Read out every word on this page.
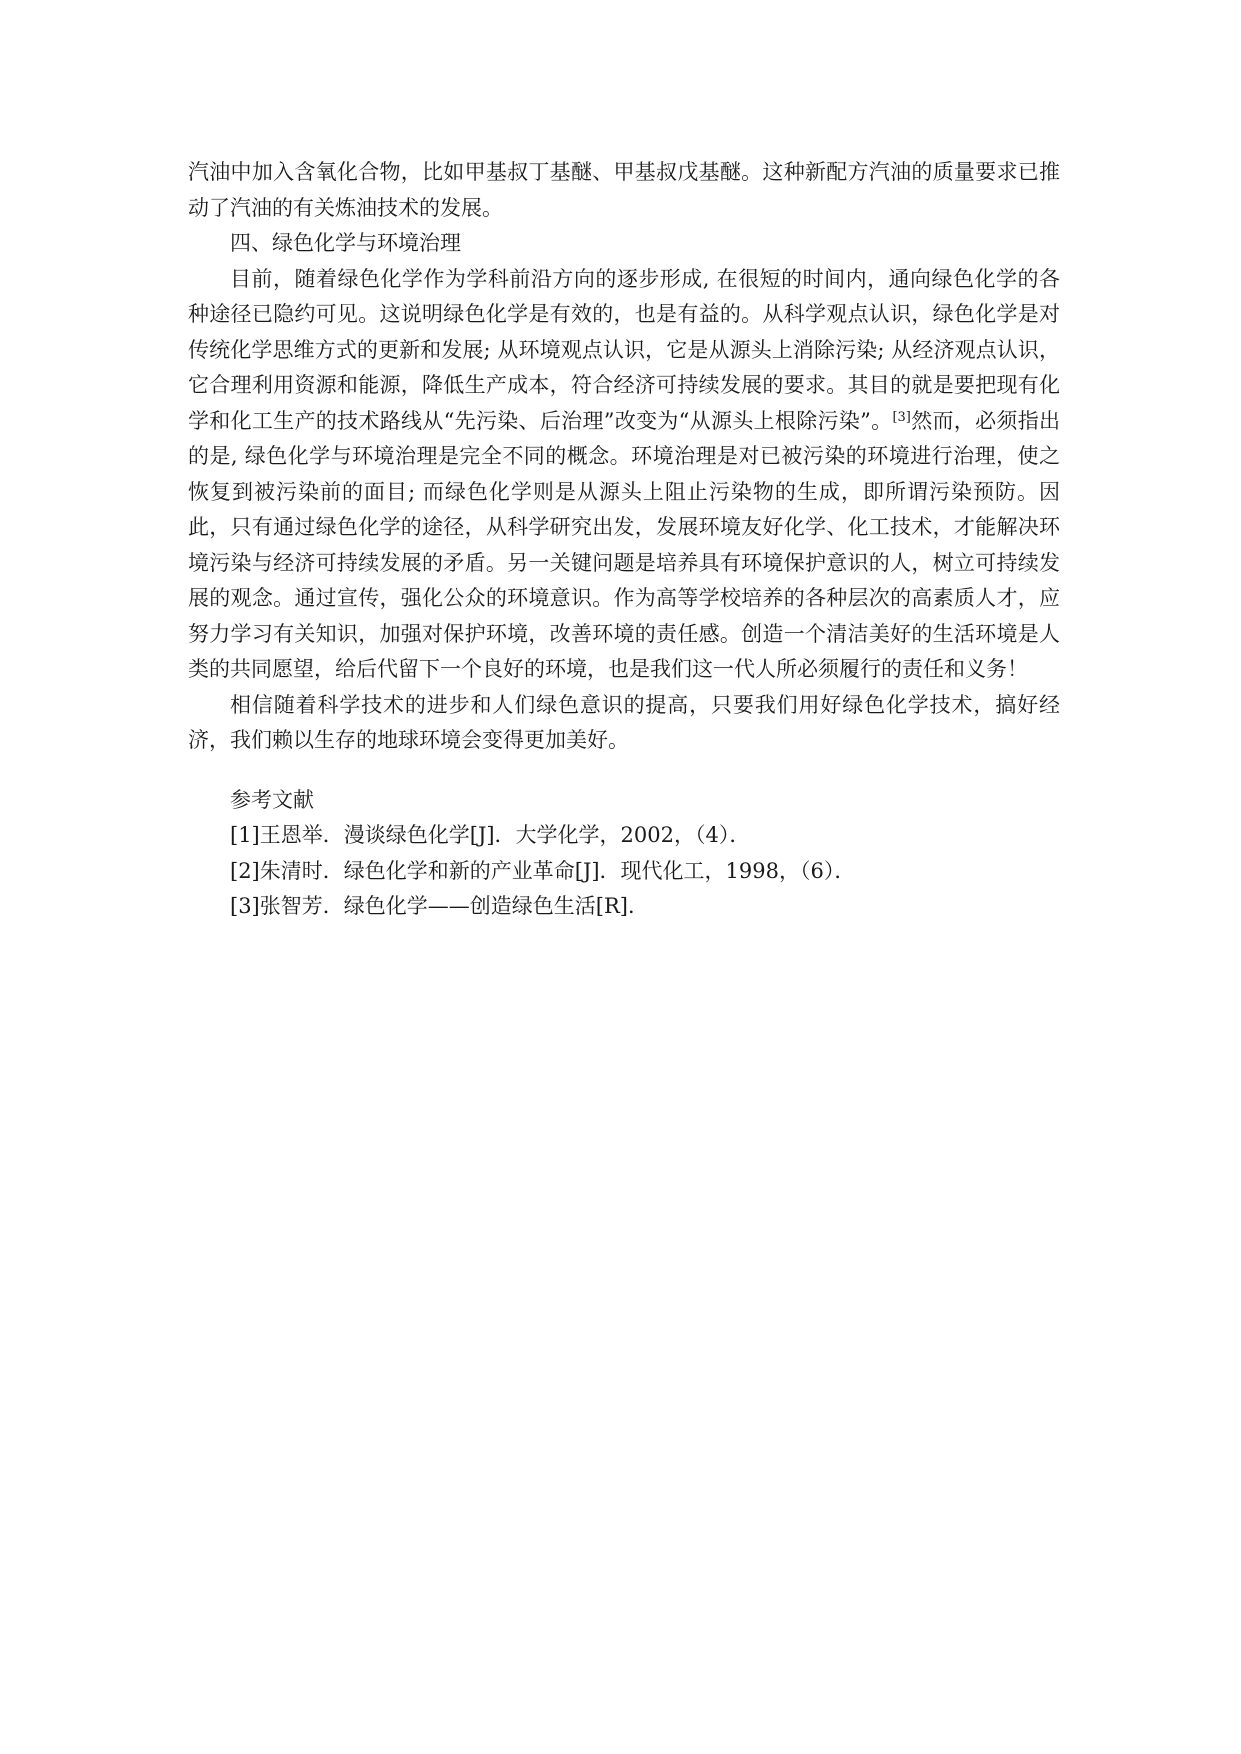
汽油中加入含氧化合物，比如甲基叔丁基醚、甲基叔戊基醚。这种新配方汽油的质量要求已推动了汽油的有关炼油技术的发展。

四、绿色化学与环境治理

目前，随着绿色化学作为学科前沿方向的逐步形成, 在很短的时间内，通向绿色化学的各种途径已隐约可见。这说明绿色化学是有效的，也是有益的。从科学观点认识，绿色化学是对传统化学思维方式的更新和发展; 从环境观点认识，它是从源头上消除污染; 从经济观点认识，它合理利用资源和能源，降低生产成本，符合经济可持续发展的要求。其目的就是要把现有化学和化工生产的技术路线从“先污染、后治理”改变为“从源头上根除污染”。[3]然而，必须指出的是, 绿色化学与环境治理是完全不同的概念。环境治理是对已被污染的环境进行治理，使之恢复到被污染前的面目; 而绿色化学则是从源头上阻止污染物的生成，即所谓污染预防。因此，只有通过绿色化学的途径，从科学研究出发，发展环境友好化学、化工技术，才能解决环境污染与经济可持续发展的矛盾。另一关键问题是培养具有环境保护意识的人，树立可持续发展的观念。通过宣传，强化公众的环境意识。作为高等学校培养的各种层次的高素质人才，应努力学习有关知识，加强对保护环境，改善环境的责任感。创造一个清洁美好的生活环境是人类的共同愿望，给后代留下一个良好的环境，也是我们这一代人所必须履行的责任和义务！

相信随着科学技术的进步和人们绿色意识的提高，只要我们用好绿色化学技术，搞好经济，我们赖以生存的地球环境会变得更加美好。

参考文献

[1]王恩举．漫谈绿色化学[J]．大学化学，2002，（4）．

[2]朱清时．绿色化学和新的产业革命[J]．现代化工，1998，（6）．

[3]张智芳．绿色化学——创造绿色生活[R]．
